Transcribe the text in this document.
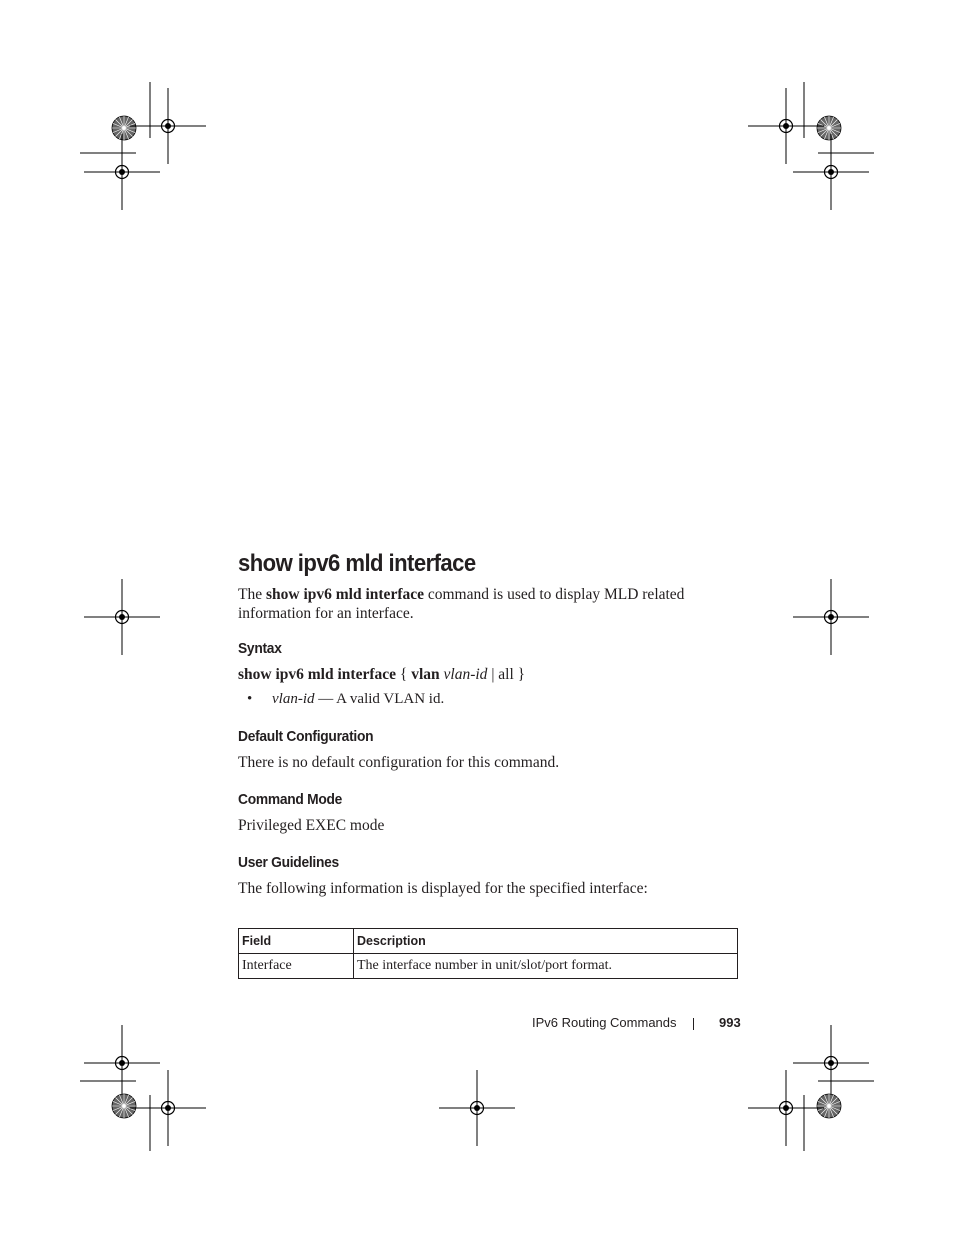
show ipv6 mld interface

The show ipv6 mld interface command is used to display MLD related information for an interface.

Syntax

show ipv6 mld interface { vlan vlan-id | all }

• vlan-id — A valid VLAN id.
Default Configuration

There is no default configuration for this command.

Command Mode

Privileged EXEC mode

User Guidelines

The following information is displayed for the specified interface:

Field	Description
Interface	The interface number in unit/slot/port format.
IPv6 Routing Commands	993
